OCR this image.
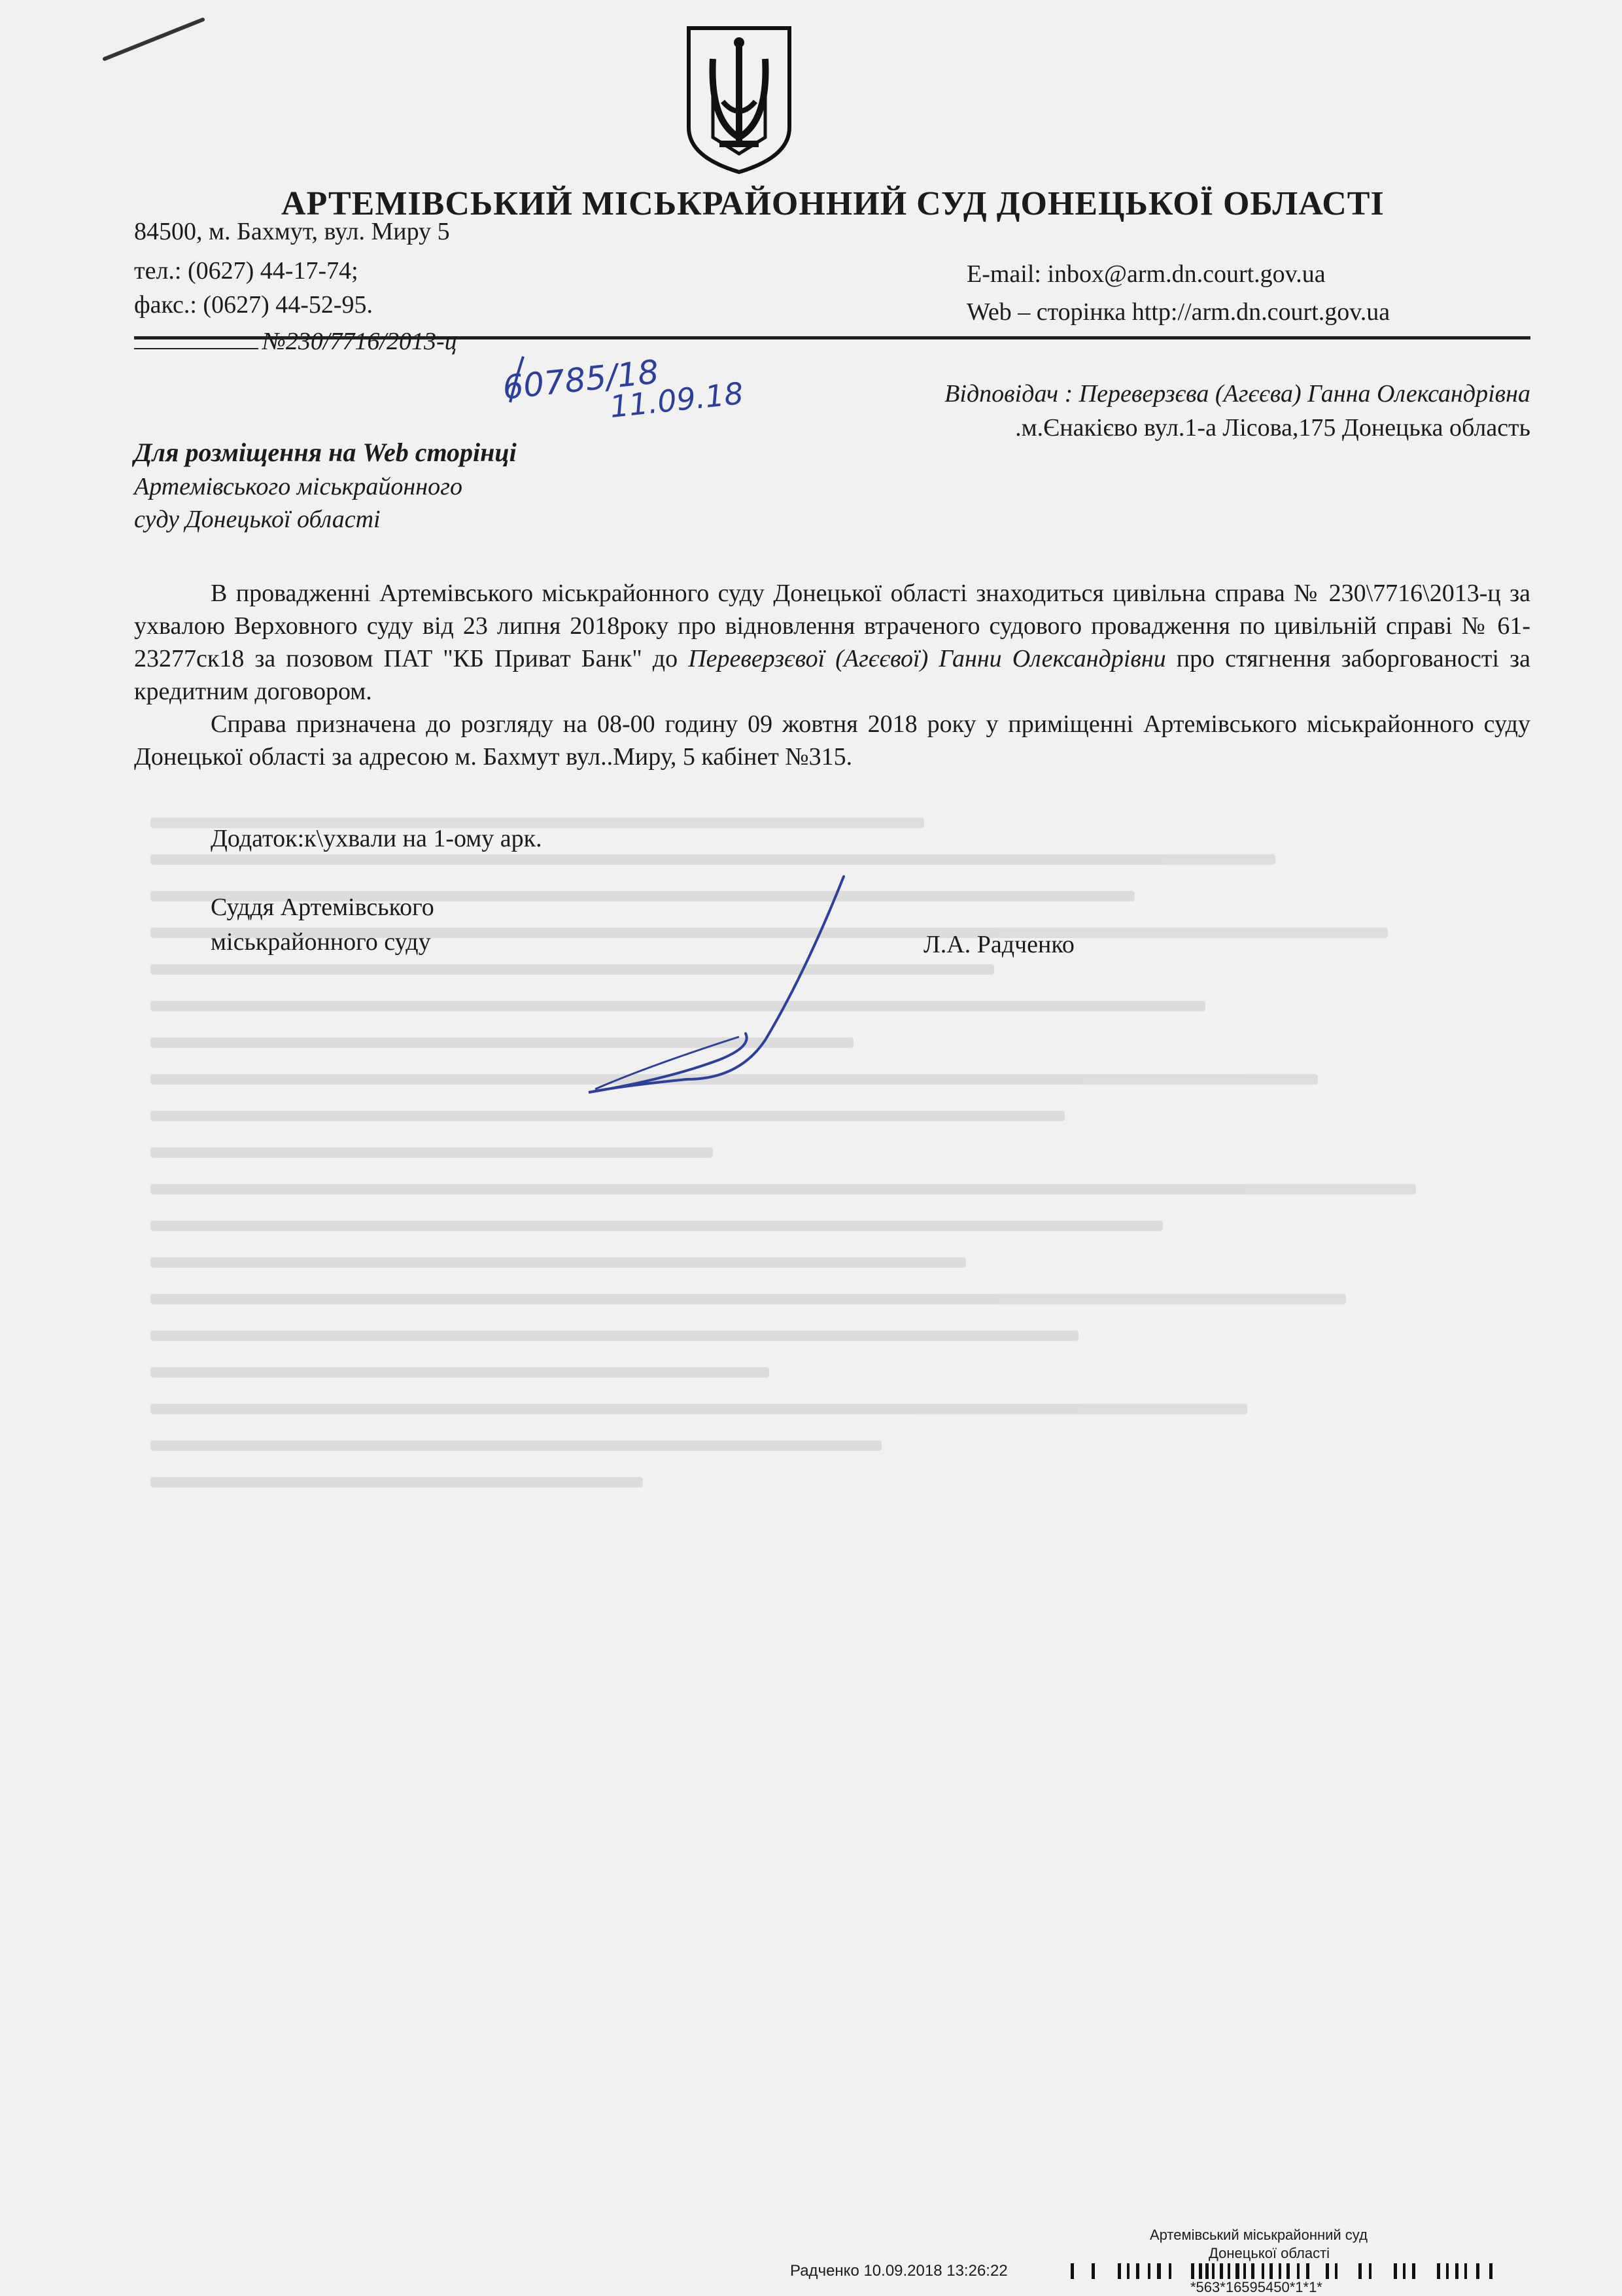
АРТЕМІВСЬКИЙ МІСЬКРАЙОННИЙ СУД ДОНЕЦЬКОЇ ОБЛАСТІ
84500, м. Бахмут, вул. Миру 5
тел.: (0627) 44-17-74;
факс.: (0627) 44-52-95.
E-mail: inbox@arm.dn.court.gov.ua
Web – сторінка http://arm.dn.court.gov.ua
№230/7716/2013-ц
60785/18
11.09.18	Відповідач : Переверзєва (Агєєва) Ганна Олександрівна
.м.Єнакієво вул.1-а Лісова,175 Донецька область
Для розміщення на Web сторінці
Артемівського міськрайонного
суду Донецької області

В провадженні Артемівського міськрайонного суду Донецької області знаходиться цивільна справа № 230\7716\2013-ц за ухвалою Верховного суду від 23 липня 2018року про відновлення втраченого судового провадження по цивільній справі № 61-23277ск18 за позовом ПАТ "КБ Приват Банк" до Переверзєвої (Агєєвої) Ганни Олександрівни про стягнення заборгованості за кредитним договором.

Справа призначена до розгляду на 08-00 годину 09 жовтня 2018 року у приміщенні Артемівського міськрайонного суду Донецької області за адресою м. Бахмут вул..Миру, 5 кабінет №315.

Додаток:к\ухвали на 1-ому арк.
Суддя Артемівського
міськрайонного суду	Л.А. Радченко
Артемівський міськрайонний суд
Донецької області
Радченко 10.09.2018 13:26:22
*563*16595450*1*1*
